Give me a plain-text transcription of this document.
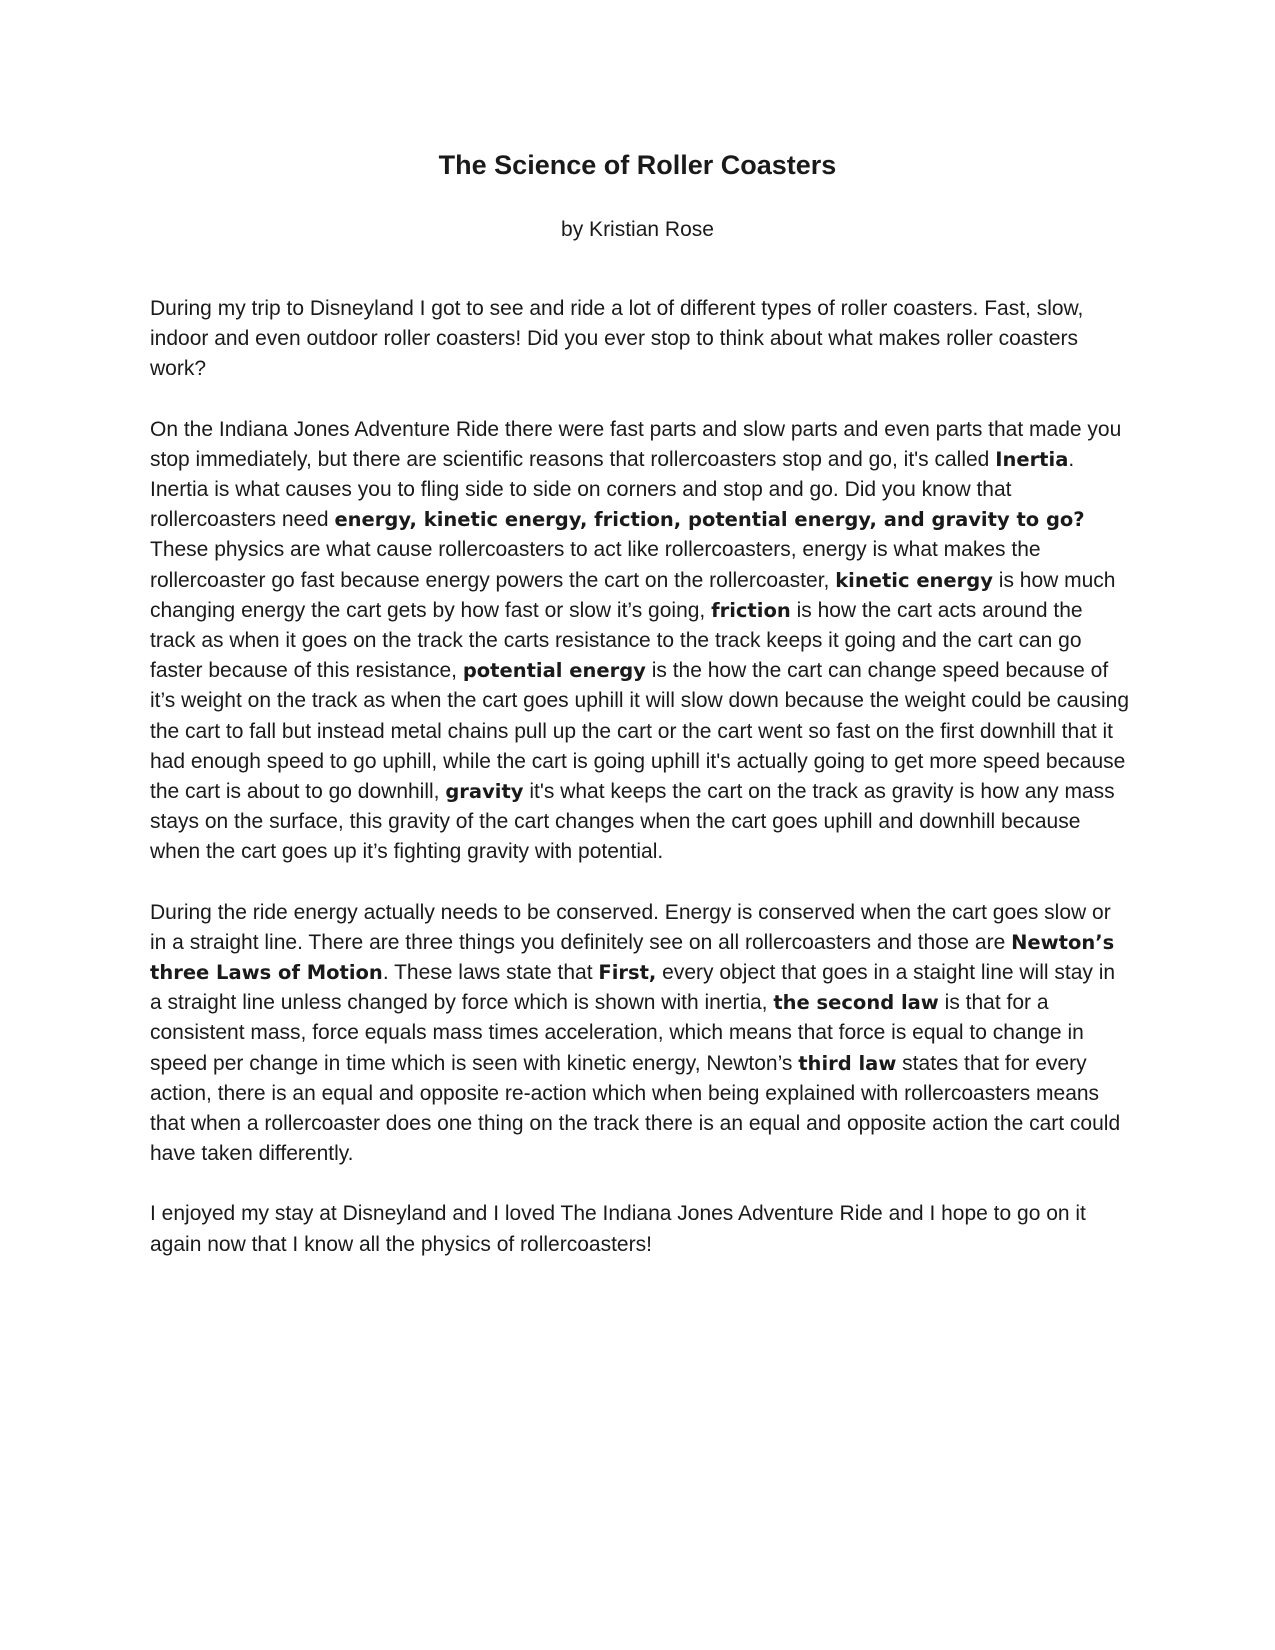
The Science of Roller Coasters

by Kristian Rose

During my trip to Disneyland I got to see and ride a lot of different types of roller coasters. Fast, slow, indoor and even outdoor roller coasters! Did you ever stop to think about what makes roller coasters work?

On the Indiana Jones Adventure Ride there were fast parts and slow parts and even parts that made you stop immediately, but there are scientific reasons that rollercoasters stop and go, it's called Inertia. Inertia is what causes you to fling side to side on corners and stop and go. Did you know that rollercoasters need energy, kinetic energy, friction, potential energy, and gravity to go? These physics are what cause rollercoasters to act like rollercoasters, energy is what makes the rollercoaster go fast because energy powers the cart on the rollercoaster, kinetic energy is how much changing energy the cart gets by how fast or slow it’s going, friction is how the cart acts around the track as when it goes on the track the carts resistance to the track keeps it going and the cart can go faster because of this resistance, potential energy is the how the cart can change speed because of it’s weight on the track as when the cart goes uphill it will slow down because the weight could be causing the cart to fall but instead metal chains pull up the cart or the cart went so fast on the first downhill that it had enough speed to go uphill, while the cart is going uphill it's actually going to get more speed because the cart is about to go downhill, gravity it's what keeps the cart on the track as gravity is how any mass stays on the surface, this gravity of the cart changes when the cart goes uphill and downhill because when the cart goes up it’s fighting gravity with potential.

During the ride energy actually needs to be conserved. Energy is conserved when the cart goes slow or in a straight line. There are three things you definitely see on all rollercoasters and those are Newton’s three Laws of Motion. These laws state that First, every object that goes in a staight line will stay in a straight line unless changed by force which is shown with inertia, the second law is that for a consistent mass, force equals mass times acceleration, which means that force is equal to change in speed per change in time which is seen with kinetic energy, Newton’s third law states that for every action, there is an equal and opposite re-action which when being explained with rollercoasters means that when a rollercoaster does one thing on the track there is an equal and opposite action the cart could have taken differently.

I enjoyed my stay at Disneyland and I loved The Indiana Jones Adventure Ride and I hope to go on it again now that I know all the physics of rollercoasters!
